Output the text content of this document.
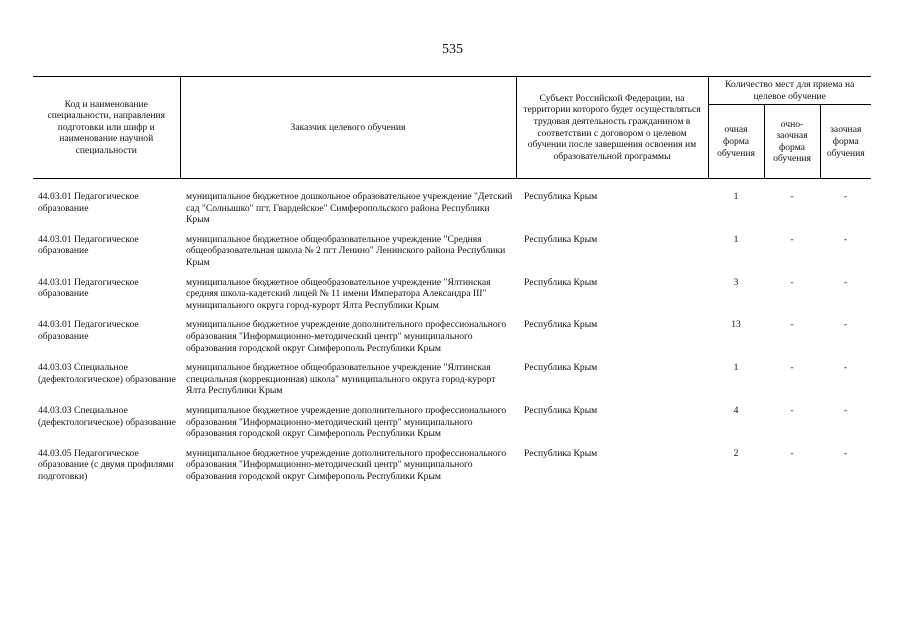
535
Код и наименование специальности, направления подготовки или шифр и наименование научной специальности	Заказчик целевого обучения	Субъект Российской Федерации, на территории которого будет осуществляться трудовая деятельность гражданином в соответствии с договором о целевом обучении после завершения освоения им образовательной программы	Количество мест для приема на целевое обучение		
			очная форма обучения	очно-заочная форма обучения	заочная форма обучения
44.03.01 Педагогическое образование	муниципальное бюджетное дошкольное образовательное учреждение "Детский сад "Солнышко" пгт. Гвардейское" Симферопольского района Республики Крым	Республика Крым	1	-	-
44.03.01 Педагогическое образование	муниципальное бюджетное общеобразовательное учреждение "Средняя общеобразовательная школа № 2 пгт Ленино" Ленинского района Республики Крым	Республика Крым	1	-	-
44.03.01 Педагогическое образование	муниципальное бюджетное общеобразовательное учреждение "Ялтинская средняя школа-кадетский лицей № 11 имени Императора Александра III" муниципального округа город-курорт Ялта Республики Крым	Республика Крым	3	-	-
44.03.01 Педагогическое образование	муниципальное бюджетное учреждение дополнительного профессионального образования "Информационно-методический центр" муниципального образования городской округ Симферополь Республики Крым	Республика Крым	13	-	-
44.03.03 Специальное (дефектологическое) образование	муниципальное бюджетное общеобразовательное учреждение "Ялтинская специальная (коррекционная) школа" муниципального округа город-курорт Ялта Республики Крым	Республика Крым	1	-	-
44.03.03 Специальное (дефектологическое) образование	муниципальное бюджетное учреждение дополнительного профессионального образования "Информационно-методический центр" муниципального образования городской округ Симферополь Республики Крым	Республика Крым	4	-	-
44.03.05 Педагогическое образование (с двумя профилями подготовки)	муниципальное бюджетное учреждение дополнительного профессионального образования "Информационно-методический центр" муниципального образования городской округ Симферополь Республики Крым	Республика Крым	2	-	-
